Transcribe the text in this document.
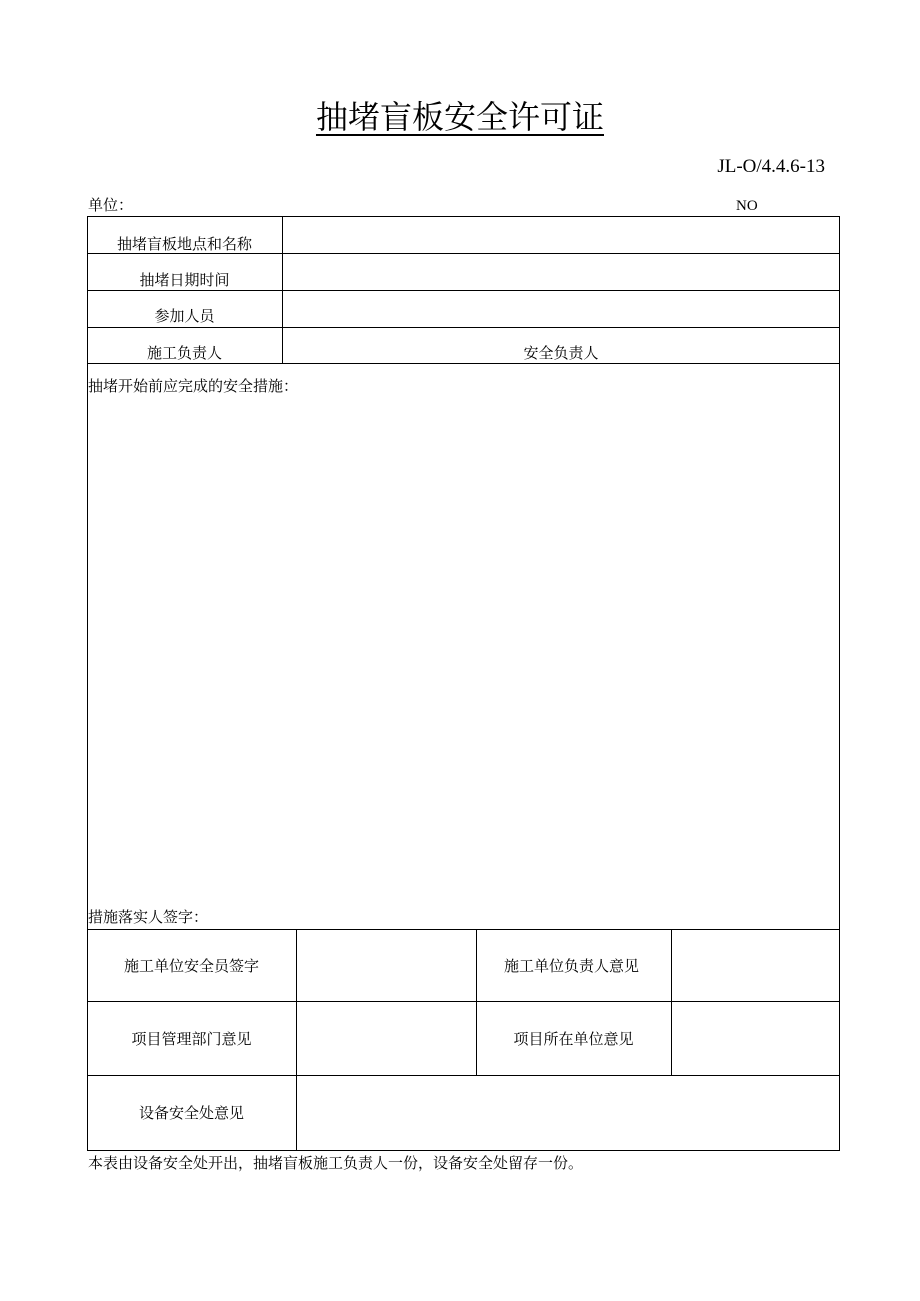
抽堵盲板安全许可证
JL-O/4.4.6-13
单位：	NO
抽堵盲板地点和名称
抽堵日期时间
参加人员
施工负责人	安全负责人
抽堵开始前应完成的安全措施：
措施落实人签字：
施工单位安全员签字	施工单位负责人意见
项目管理部门意见	项目所在单位意见
设备安全处意见
本表由设备安全处开出，抽堵盲板施工负责人一份，设备安全处留存一份。
